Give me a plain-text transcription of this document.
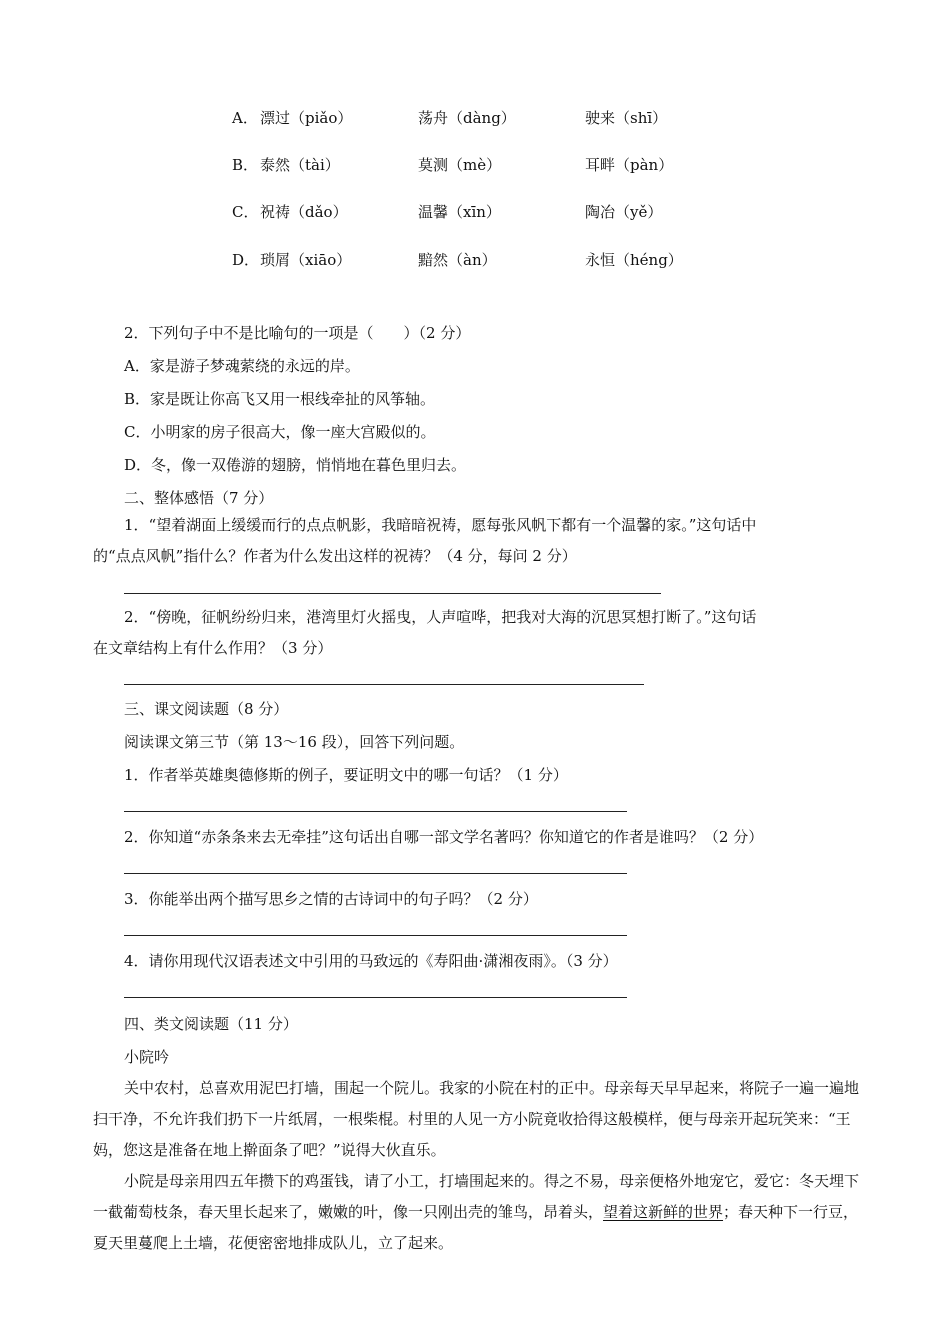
A． 漂过（piǎo）	荡舟（dàng）	驶来（shī）
B． 泰然（tài）	莫测（mè）	耳畔（pàn）
C． 祝祷（dǎo）	温馨（xīn）	陶冶（yě）
D． 琐屑（xiāo）	黯然（àn）	永恒（héng）
2．下列句子中不是比喻句的一项是（　　）（2 分）
A．家是游子梦魂萦绕的永远的岸。
B．家是既让你高飞又用一根线牵扯的风筝轴。
C．小明家的房子很高大，像一座大宫殿似的。
D．冬，像一双倦游的翅膀，悄悄地在暮色里归去。
二、整体感悟（7 分）
1．“望着湖面上缓缓而行的点点帆影，我暗暗祝祷，愿每张风帆下都有一个温馨的家。”这句话中
的“点点风帆”指什么？作者为什么发出这样的祝祷？（4 分，每问 2 分）
2．“傍晚，征帆纷纷归来，港湾里灯火摇曳，人声喧哗，把我对大海的沉思冥想打断了。”这句话
在文章结构上有什么作用？（3 分）
三、课文阅读题（8 分）
阅读课文第三节（第 13～16 段），回答下列问题。
1．作者举英雄奥德修斯的例子，要证明文中的哪一句话？（1 分）
2．你知道“赤条条来去无牵挂”这句话出自哪一部文学名著吗？你知道它的作者是谁吗？（2 分）
3．你能举出两个描写思乡之情的古诗词中的句子吗？（2 分）
4．请你用现代汉语表述文中引用的马致远的《寿阳曲·潇湘夜雨》。（3 分）
四、类文阅读题（11 分）
小院吟
关中农村，总喜欢用泥巴打墙，围起一个院儿。我家的小院在村的正中。母亲每天早早起来，将院子一遍一遍地扫干净，不允许我们扔下一片纸屑，一根柴棍。村里的人见一方小院竟收拾得这般模样，便与母亲开起玩笑来：“王妈，您这是准备在地上擀面条了吧？”说得大伙直乐。
小院是母亲用四五年攒下的鸡蛋钱，请了小工，打墙围起来的。得之不易，母亲便格外地宠它，爱它：冬天埋下一截葡萄枝条，春天里长起来了，嫩嫩的叶，像一只刚出壳的雏鸟，昂着头，望着这新鲜的世界；春天种下一行豆，夏天里蔓爬上土墙，花便密密地排成队儿，立了起来。
